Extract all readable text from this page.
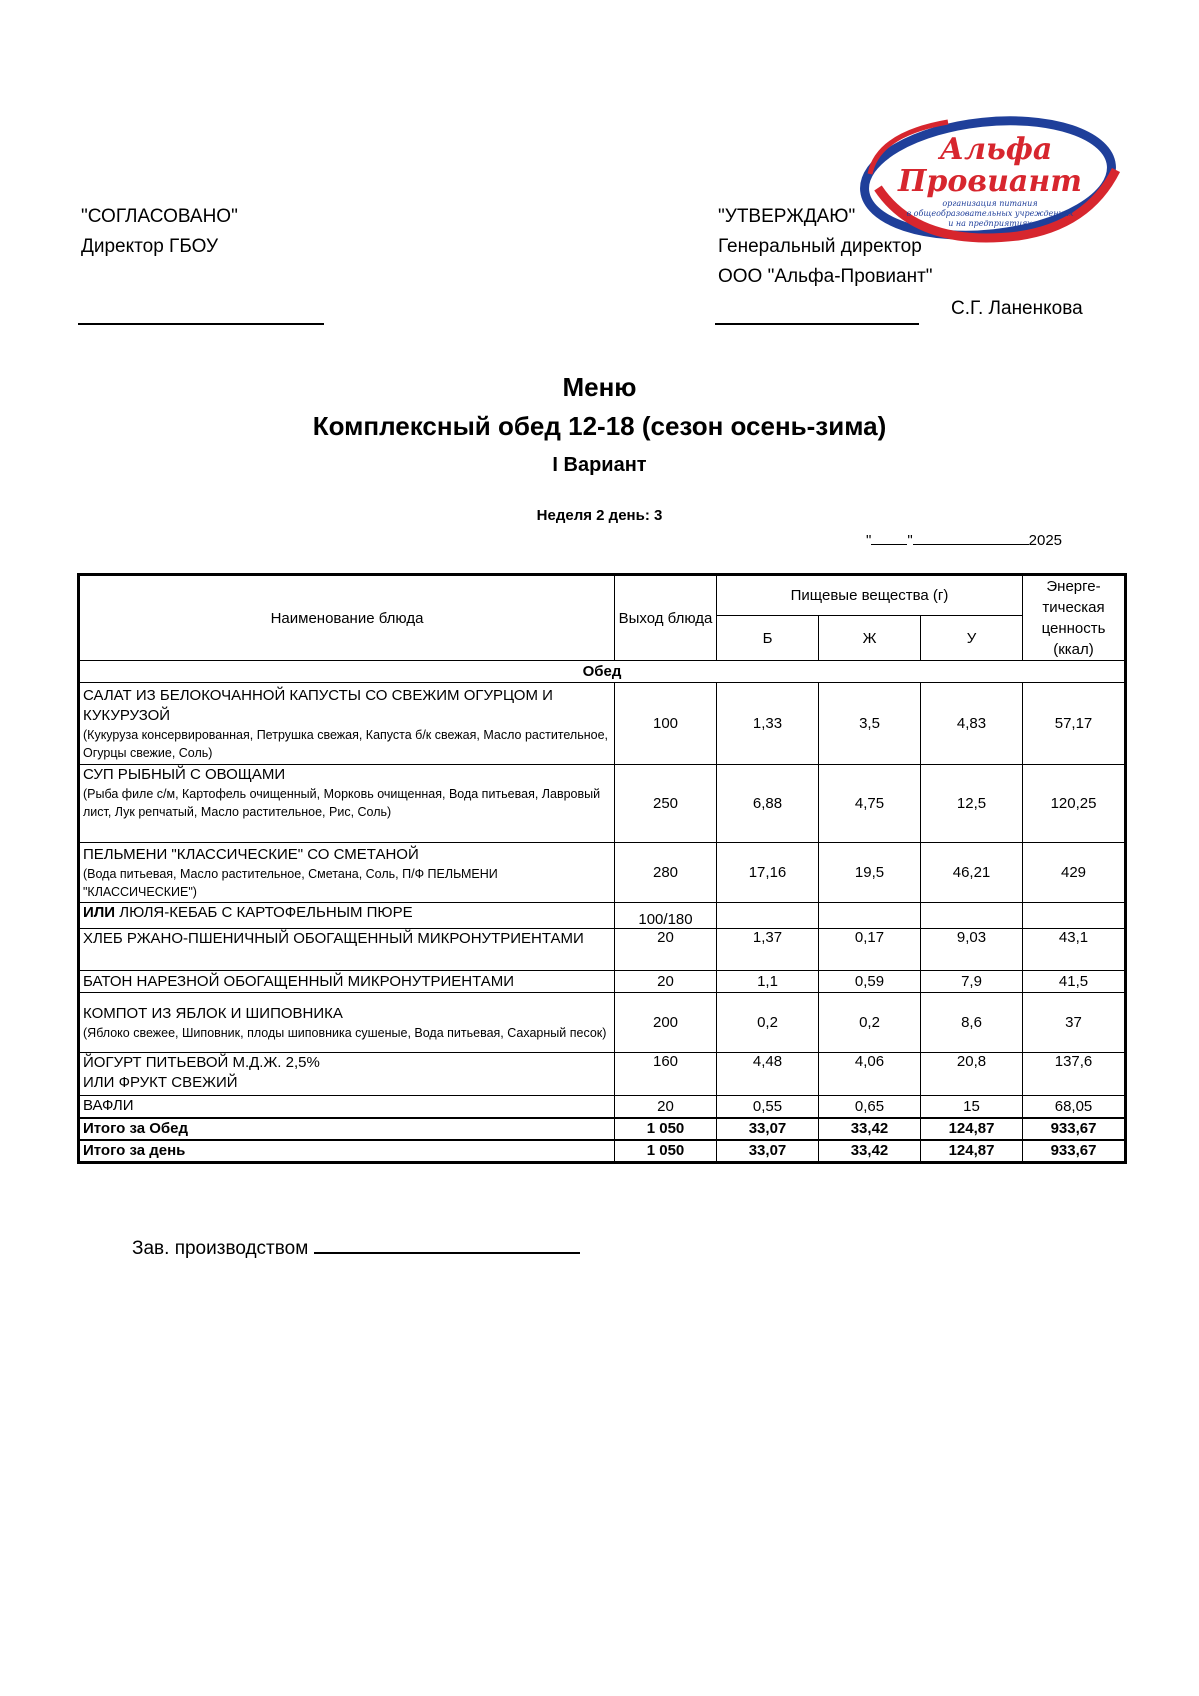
"СОГЛАСОВАНО"
Директор ГБОУ
"УТВЕРЖДАЮ"
Генеральный директор
ООО "Альфа-Провиант"
С.Г. Ланенкова
Альфа
Провиант
организация питания
в общеобразовательных учреждениях
и на предприятиях
Меню
Комплексный обед 12-18 (сезон осень-зима)
I Вариант
Неделя 2 день: 3
" "	2025
Наименование блюда	Выход блюда	Пищевые вещества (г)			Энерге-тическая ценность (ккал)
		Б	Ж	У	
Обед					

САЛАТ ИЗ БЕЛОКОЧАННОЙ КАПУСТЫ СО СВЕЖИМ ОГУРЦОМ И КУКУРУЗОЙ
(Кукуруза консервированная, Петрушка свежая, Капуста б/к свежая, Масло растительное, Огурцы свежие, Соль)	100	1,33	3,5	4,83	57,17

СУП РЫБНЫЙ С ОВОЩАМИ
(Рыба филе с/м, Картофель очищенный, Морковь очищенная, Вода питьевая, Лавровый лист, Лук репчатый, Масло растительное, Рис, Соль)	250	6,88	4,75	12,5	120,25

ПЕЛЬМЕНИ "КЛАССИЧЕСКИЕ" СО СМЕТАНОЙ
(Вода питьевая, Масло растительное, Сметана, Соль, П/Ф ПЕЛЬМЕНИ "КЛАССИЧЕСКИЕ")	280	17,16	19,5	46,21	429
ИЛИ ЛЮЛЯ-КЕБАБ С КАРТОФЕЛЬНЫМ ПЮРЕ	100/180				
ХЛЕБ РЖАНО-ПШЕНИЧНЫЙ ОБОГАЩЕННЫЙ МИКРОНУТРИЕНТАМИ	20	1,37	0,17	9,03	43,1
БАТОН НАРЕЗНОЙ ОБОГАЩЕННЫЙ МИКРОНУТРИЕНТАМИ	20	1,1	0,59	7,9	41,5

КОМПОТ ИЗ ЯБЛОК И ШИПОВНИКА
(Яблоко свежее, Шиповник, плоды шиповника сушеные, Вода питьевая, Сахарный песок)	200	0,2	0,2	8,6	37

ЙОГУРТ ПИТЬЕВОЙ М.Д.Ж. 2,5%
ИЛИ ФРУКТ СВЕЖИЙ	160	4,48	4,06	20,8	137,6
ВАФЛИ	20	0,55	0,65	15	68,05
Итого за Обед	1 050	33,07	33,42	124,87	933,67
Итого за день	1 050	33,07	33,42	124,87	933,67
Зав. производством
